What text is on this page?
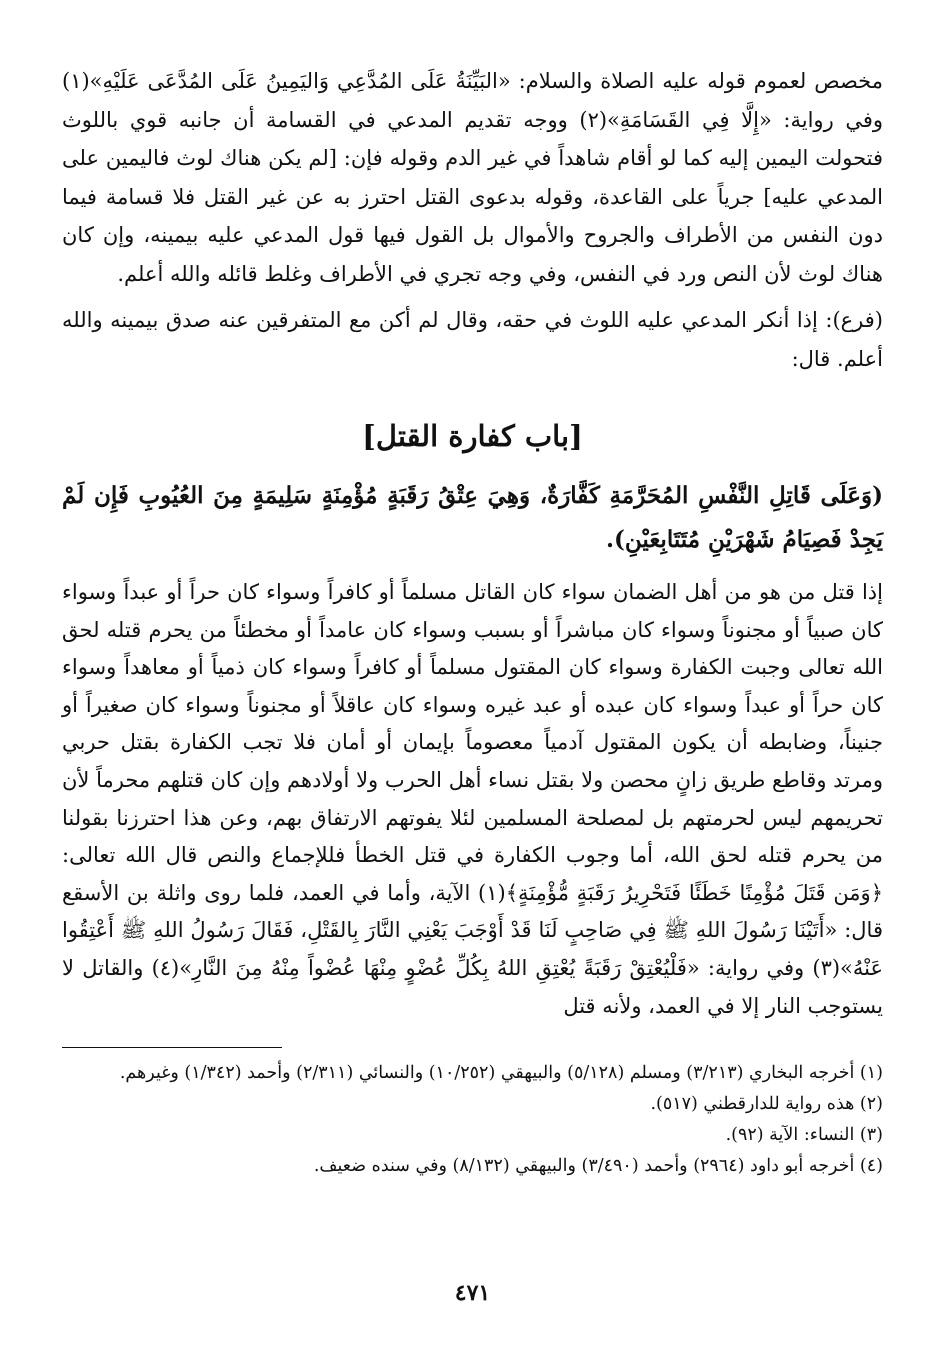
مخصص لعموم قوله عليه الصلاة والسلام: «البَيِّنَةُ عَلَى المُدَّعِي وَاليَمِينُ عَلَى المُدَّعَى عَلَيْهِ»(١) وفي رواية: «إِلَّا فِي القَسَامَةِ»(٢) ووجه تقديم المدعي في القسامة أن جانبه قوي باللوث فتحولت اليمين إليه كما لو أقام شاهداً في غير الدم وقوله فإن: [لم يكن هناك لوث فاليمين على المدعي عليه] جرياً على القاعدة، وقوله بدعوى القتل احترز به عن غير القتل فلا قسامة فيما دون النفس من الأطراف والجروح والأموال بل القول فيها قول المدعي عليه بيمينه، وإن كان هناك لوث لأن النص ورد في النفس، وفي وجه تجري في الأطراف وغلط قائله والله أعلم.

(فرع): إذا أنكر المدعي عليه اللوث في حقه، وقال لم أكن مع المتفرقين عنه صدق بيمينه والله أعلم. قال:

[باب كفارة القتل]

(وَعَلَى قَاتِلِ النَّفْسِ المُحَرَّمَةِ كَفَّارَةٌ، وَهِيَ عِتْقُ رَقَبَةٍ مُؤْمِنَةٍ سَلِيمَةٍ مِنَ العُيُوبِ فَإِن لَمْ يَجِدْ فَصِيَامُ شَهْرَيْنِ مُتَتَابِعَيْنِ).

إذا قتل من هو من أهل الضمان سواء كان القاتل مسلماً أو كافراً وسواء كان حراً أو عبداً وسواء كان صبياً أو مجنوناً وسواء كان مباشراً أو بسبب وسواء كان عامداً أو مخطئاً من يحرم قتله لحق الله تعالى وجبت الكفارة وسواء كان المقتول مسلماً أو كافراً وسواء كان ذمياً أو معاهداً وسواء كان حراً أو عبداً وسواء كان عبده أو عبد غيره وسواء كان عاقلاً أو مجنوناً وسواء كان صغيراً أو جنيناً، وضابطه أن يكون المقتول آدمياً معصوماً بإيمان أو أمان فلا تجب الكفارة بقتل حربي ومرتد وقاطع طريق زانٍ محصن ولا بقتل نساء أهل الحرب ولا أولادهم وإن كان قتلهم محرماً لأن تحريمهم ليس لحرمتهم بل لمصلحة المسلمين لئلا يفوتهم الارتفاق بهم، وعن هذا احترزنا بقولنا من يحرم قتله لحق الله، أما وجوب الكفارة في قتل الخطأ فللإجماع والنص قال الله تعالى: ﴿وَمَن قَتَلَ مُؤْمِنًا خَطَئًا فَتَحْرِيرُ رَقَبَةٍ مُّؤْمِنَةٍ﴾(١) الآية، وأما في العمد، فلما روى واثلة بن الأسقع قال: «أَتَيْنَا رَسُولَ اللهِ ﷺ فِي صَاحِبٍ لَنَا قَدْ أَوْجَبَ يَعْنِي النَّارَ بِالقَتْلِ، فَقَالَ رَسُولُ اللهِ ﷺ أَعْتِقُوا عَنْهُ»(٣) وفي رواية: «فَلْيُعْتِقْ رَقَبَةً يُعْتِقِ اللهُ بِكُلِّ عُضْوٍ مِنْهَا عُضْواً مِنْهُ مِنَ النَّارِ»(٤) والقاتل لا يستوجب النار إلا في العمد، ولأنه قتل

(١) أخرجه البخاري (٣/٢١٣) ومسلم (٥/١٢٨) والبيهقي (١٠/٢٥٢) والنسائي (٢/٣١١) وأحمد (١/٣٤٢) وغيرهم.
(٢) هذه رواية للدارقطني (٥١٧).
(٣) النساء: الآية (٩٢).
(٤) أخرجه أبو داود (٢٩٦٤) وأحمد (٣/٤٩٠) والبيهقي (٨/١٣٢) وفي سنده ضعيف.
٤٧١
